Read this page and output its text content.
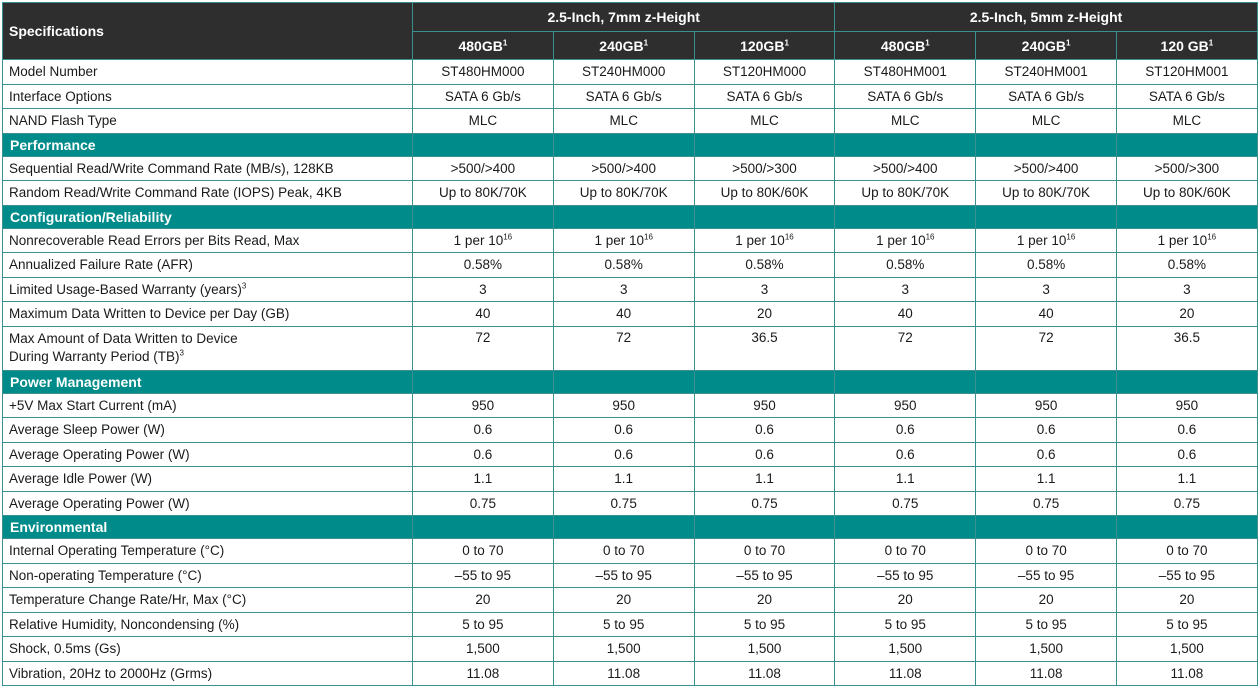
Specifications	2.5-Inch, 7mm z-Height			2.5-Inch, 5mm z-Height		
	$480GB^1$	$240GB^1$	$120GB^1$	$480GB^1$	$240GB^1$	120 $GB^1$
Model Number	ST480HM000	ST240HM000	ST120HM000	ST480HM001	ST240HM001	ST120HM001
Interface Options	SATA 6 Gb/s	SATA 6 Gb/s	SATA 6 Gb/s	SATA 6 Gb/s	SATA 6 Gb/s	SATA 6 Gb/s
NAND Flash Type	MLC	MLC	MLC	MLC	MLC	MLC
Performance						
Sequential Read/Write Command Rate (MB/s), 128KB	>500/>400	>500/>400	>500/>300	>500/>400	>500/>400	>500/>300
Random Read/Write Command Rate (IOPS) Peak, 4KB	Up to 80K/70K	Up to 80K/70K	Up to 80K/60K	Up to 80K/70K	Up to 80K/70K	Up to 80K/60K
Configuration/Reliability						
Nonrecoverable Read Errors per Bits Read, Max	1 per $10^{16}$	1 per $10^{16}$	1 per $10^{16}$	1 per $10^{16}$	1 per $10^{16}$	1 per $10^{16}$
Annualized Failure Rate (AFR)	0.58%	0.58%	0.58%	0.58%	0.58%	0.58%
Limited Usage-Based Warranty (years)$^3$	3	3	3	3	3	3
Maximum Data Written to Device per Day (GB)	40	40	20	40	40	20
Max Amount of Data Written to Device
During Warranty Period (TB)$^3$	72	72	36.5	72	72	36.5
Power Management						
+5V Max Start Current (mA)	950	950	950	950	950	950
Average Sleep Power (W)	0.6	0.6	0.6	0.6	0.6	0.6
Average Operating Power (W)	0.6	0.6	0.6	0.6	0.6	0.6
Average Idle Power (W)	1.1	1.1	1.1	1.1	1.1	1.1
Average Operating Power (W)	0.75	0.75	0.75	0.75	0.75	0.75
Environmental						
Internal Operating Temperature (°C)	0 to 70	0 to 70	0 to 70	0 to 70	0 to 70	0 to 70
Non-operating Temperature (°C)	–55 to 95	–55 to 95	–55 to 95	–55 to 95	–55 to 95	–55 to 95
Temperature Change Rate/Hr, Max (°C)	20	20	20	20	20	20
Relative Humidity, Noncondensing (%)	5 to 95	5 to 95	5 to 95	5 to 95	5 to 95	5 to 95
Shock, 0.5ms (Gs)	1,500	1,500	1,500	1,500	1,500	1,500
Vibration, 20Hz to 2000Hz (Grms)	11.08	11.08	11.08	11.08	11.08	11.08
